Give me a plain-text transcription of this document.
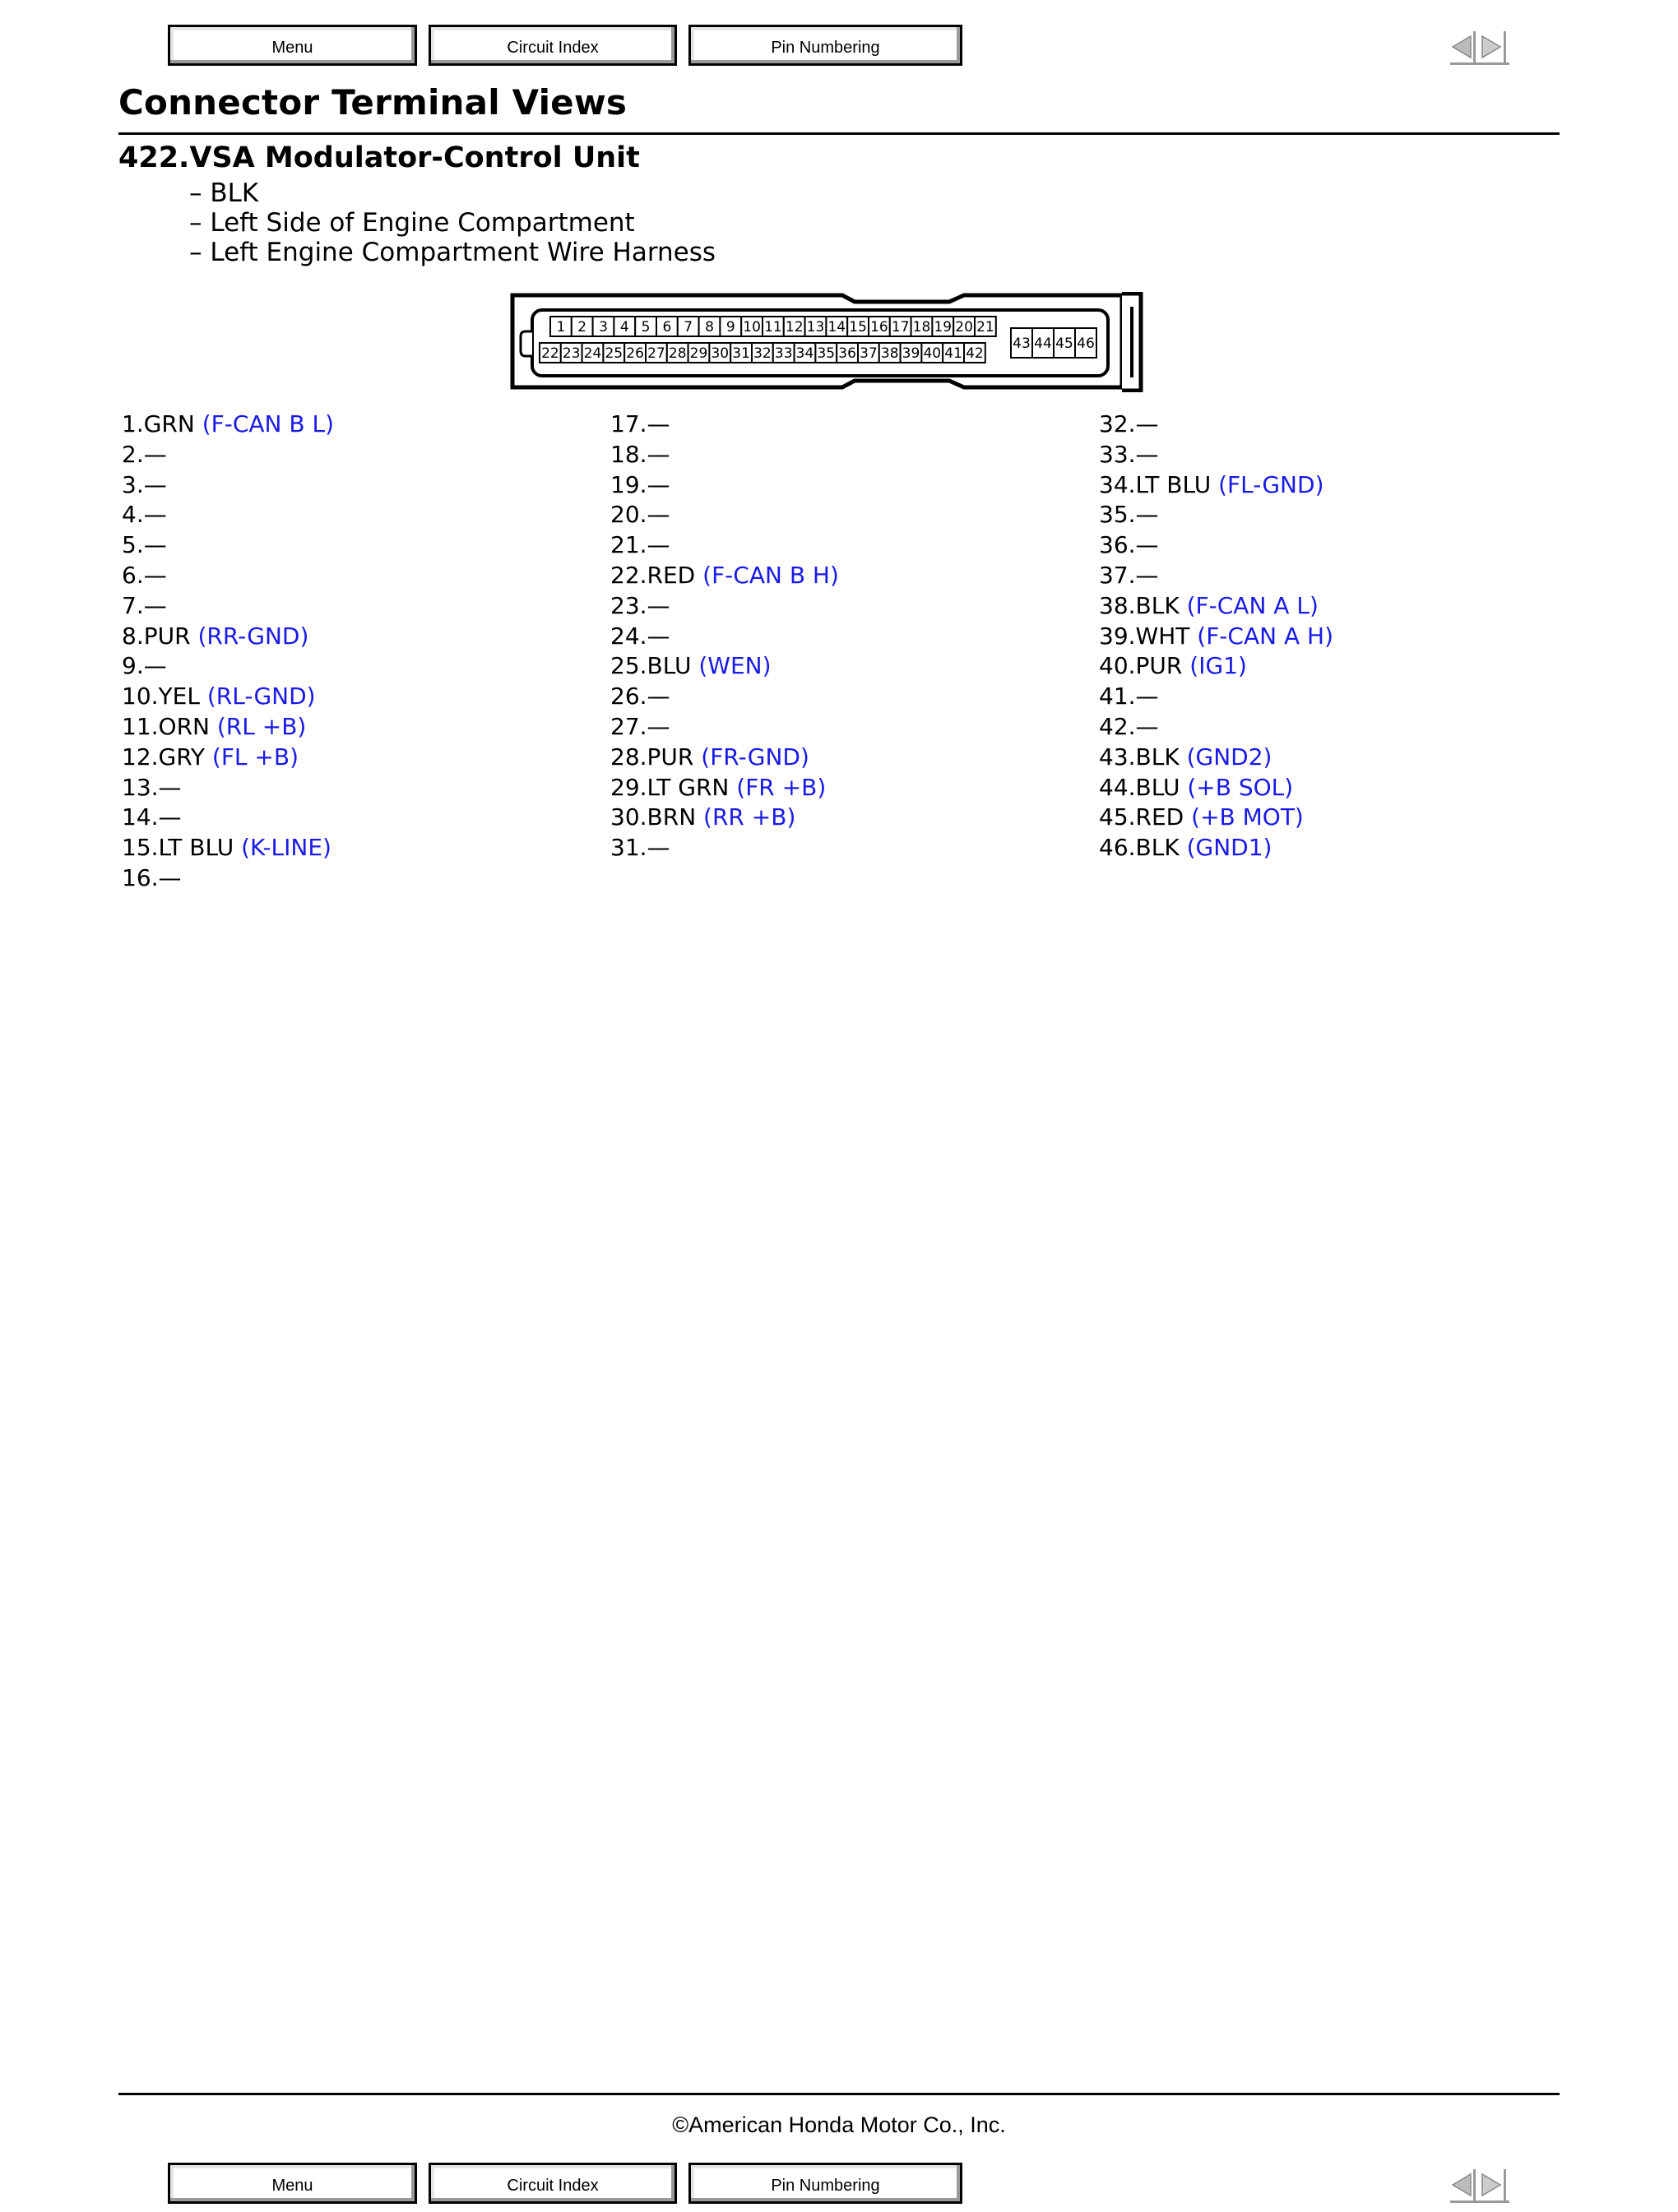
Menu	Circuit Index	Pin Numbering
Connector Terminal Views
422.VSA Modulator-Control Unit
– BLK
– Left Side of Engine Compartment
– Left Engine Compartment Wire Harness
1 2 3 4 5 6 7 8 9 10 11 12 13 14 15 16 17 18 19 20 21
22 23 24 25 26 27 28 29 30 31 32 33 34 35 36 37 38 39 40 41 42
43 44 45 46
1.GRN (F-CAN B L)
2.—
3.—
4.—
5.—
6.—
7.—
8.PUR (RR-GND)
9.—
10.YEL (RL-GND)
11.ORN (RL +B)
12.GRY (FL +B)
13.—
14.—
15.LT BLU (K-LINE)
16.—
17.—
18.—
19.—
20.—
21.—
22.RED (F-CAN B H)
23.—
24.—
25.BLU (WEN)
26.—
27.—
28.PUR (FR-GND)
29.LT GRN (FR +B)
30.BRN (RR +B)
31.—
32.—
33.—
34.LT BLU (FL-GND)
35.—
36.—
37.—
38.BLK (F-CAN A L)
39.WHT (F-CAN A H)
40.PUR (IG1)
41.—
42.—
43.BLK (GND2)
44.BLU (+B SOL)
45.RED (+B MOT)
46.BLK (GND1)
©American Honda Motor Co., Inc.
Menu	Circuit Index	Pin Numbering
